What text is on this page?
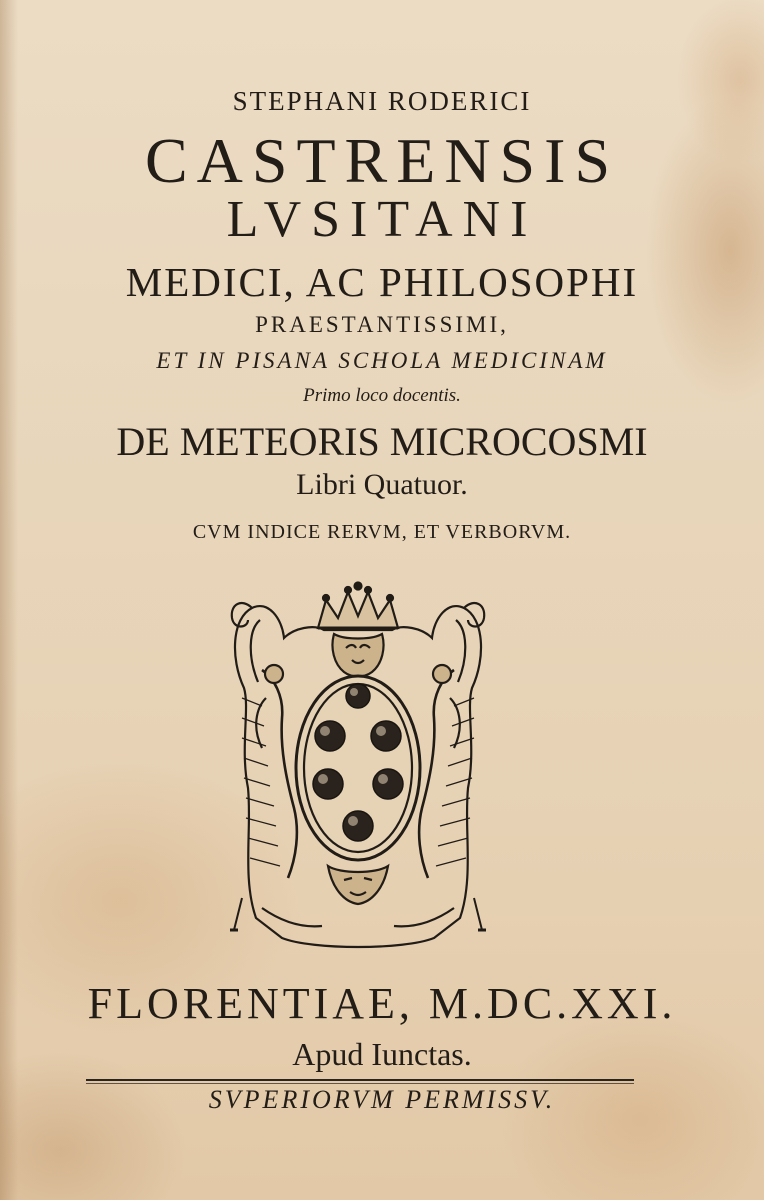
STEPHANI RODERICI
CASTRENSIS
LVSITANI
MEDICI, AC PHILOSOPHI
PRAESTANTISSIMI,
ET IN PISANA SCHOLA MEDICINAM
Primo loco docentis.
DE METEORIS MICROCOSMI
Libri Quatuor.
CVM INDICE RERVM, ET VERBORVM.
FLORENTIAE, M.DC.XXI.
Apud Iunctas.
SVPERIORVM PERMISSV.
